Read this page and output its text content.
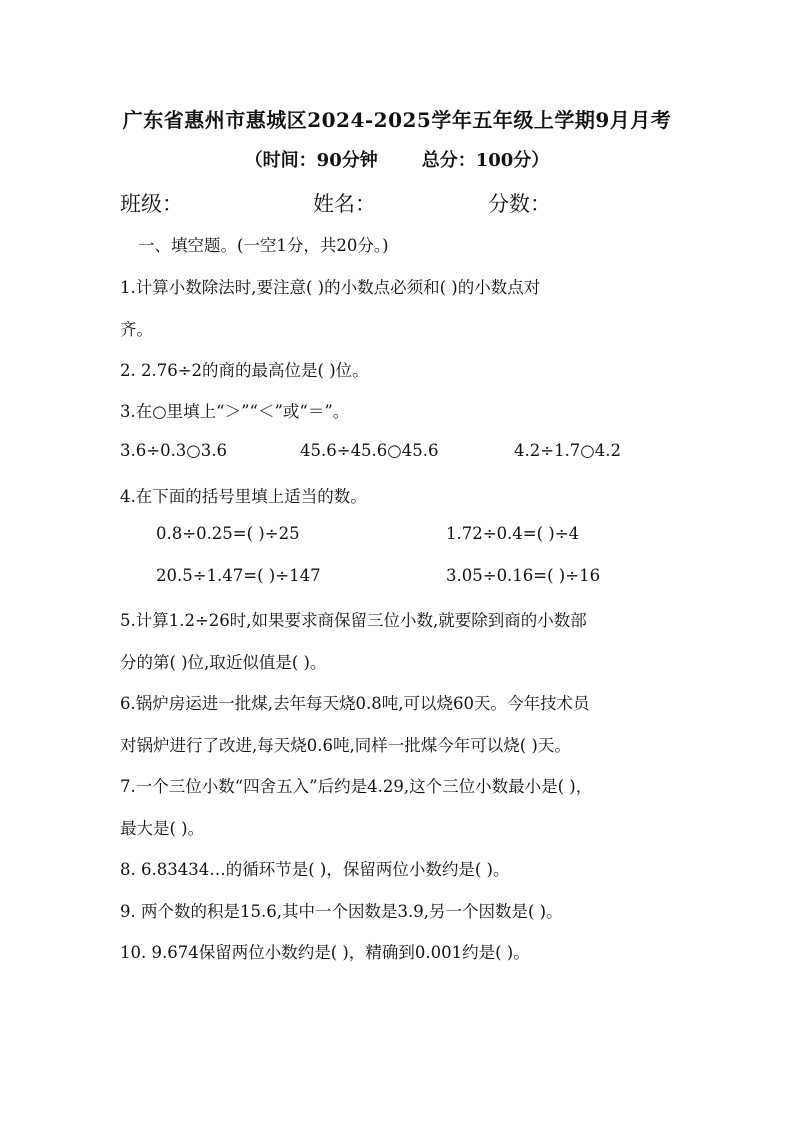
广东省惠州市惠城区2024-2025学年五年级上学期9月月考
（时间：90分钟 总分：100分）
班级：	姓名：	分数：
一、填空题。(一空1分，共20分。)
1.计算小数除法时,要注意( )的小数点必须和( )的小数点对
齐。
2. 2.76÷2的商的最高位是( )位。
3.在○里填上“＞”“＜”或“＝”。
3.6÷0.3○3.6	45.6÷45.6○45.6	4.2÷1.7○4.2
4.在下面的括号里填上适当的数。
0.8÷0.25=( )÷25	1.72÷0.4=( )÷4
20.5÷1.47=( )÷147	3.05÷0.16=( )÷16
5.计算1.2÷26时,如果要求商保留三位小数,就要除到商的小数部
分的第( )位,取近似值是( )。
6.锅炉房运进一批煤,去年每天烧0.8吨,可以烧60天。今年技术员
对锅炉进行了改进,每天烧0.6吨,同样一批煤今年可以烧( )天。
7.一个三位小数“四舍五入”后约是4.29,这个三位小数最小是( )，
最大是( )。
8. 6.83434…的循环节是( )，保留两位小数约是( )。
9. 两个数的积是15.6,其中一个因数是3.9,另一个因数是( )。
10. 9.674保留两位小数约是( )，精确到0.001约是( )。
